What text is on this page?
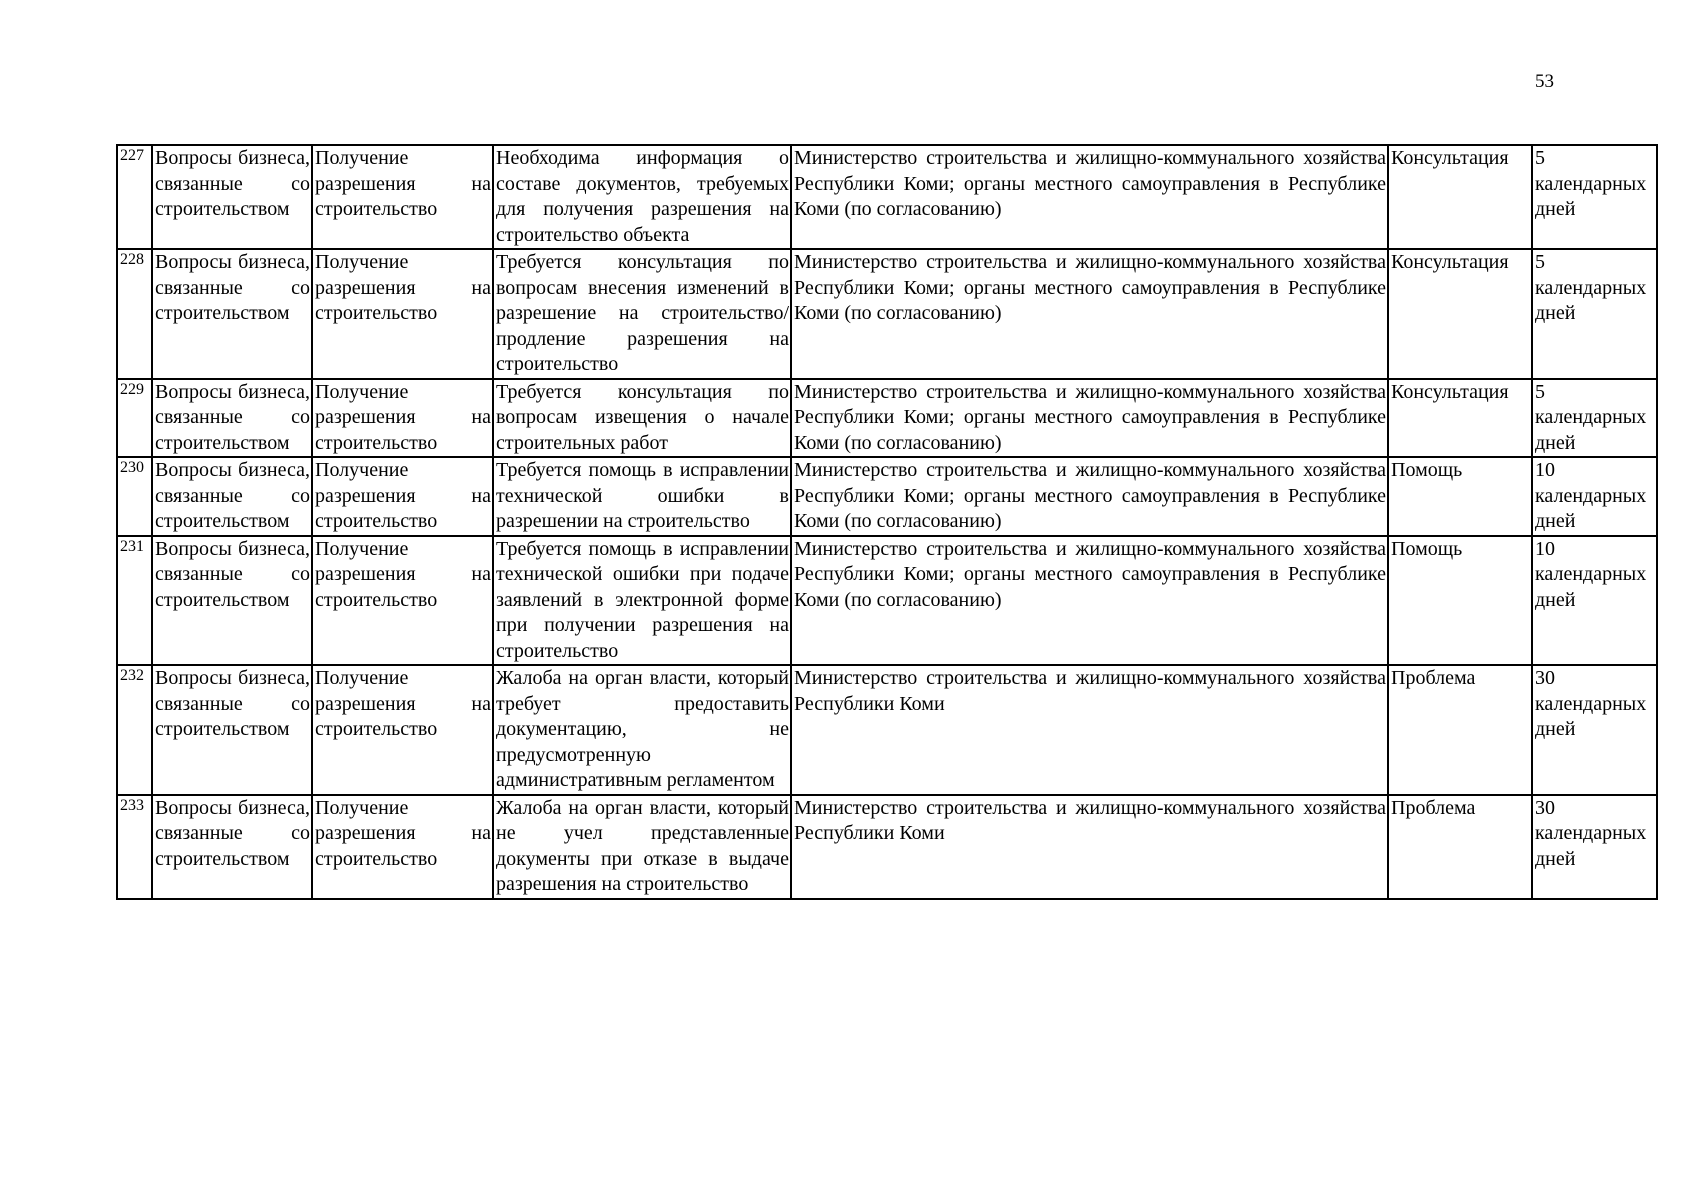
53
227	Вопросы бизнеса, связанные со строительством	Получение разрешения на строительство	Необходима информация о составе документов, требуемых для получения разрешения на строительство объекта	Министерство строительства и жилищно-коммунального хозяйства Республики Коми; органы местного самоуправления в Республике Коми (по согласованию)	Консультация	5 календарных дней
228	Вопросы бизнеса, связанные со строительством	Получение разрешения на строительство	Требуется консультация по вопросам внесения изменений в разрешение на строительство/продление разрешения на строительство	Министерство строительства и жилищно-коммунального хозяйства Республики Коми; органы местного самоуправления в Республике Коми (по согласованию)	Консультация	5 календарных дней
229	Вопросы бизнеса, связанные со строительством	Получение разрешения на строительство	Требуется консультация по вопросам извещения о начале строительных работ	Министерство строительства и жилищно-коммунального хозяйства Республики Коми; органы местного самоуправления в Республике Коми (по согласованию)	Консультация	5 календарных дней
230	Вопросы бизнеса, связанные со строительством	Получение разрешения на строительство	Требуется помощь в исправлении технической ошибки в разрешении на строительство	Министерство строительства и жилищно-коммунального хозяйства Республики Коми; органы местного самоуправления в Республике Коми (по согласованию)	Помощь	10 календарных дней
231	Вопросы бизнеса, связанные со строительством	Получение разрешения на строительство	Требуется помощь в исправлении технической ошибки при подаче заявлений в электронной форме при получении разрешения на строительство	Министерство строительства и жилищно-коммунального хозяйства Республики Коми; органы местного самоуправления в Республике Коми (по согласованию)	Помощь	10 календарных дней
232	Вопросы бизнеса, связанные со строительством	Получение разрешения на строительство	Жалоба на орган власти, который требует предоставить документацию, не предусмотренную административным регламентом	Министерство строительства и жилищно-коммунального хозяйства Республики Коми	Проблема	30 календарных дней
233	Вопросы бизнеса, связанные со строительством	Получение разрешения на строительство	Жалоба на орган власти, который не учел представленные документы при отказе в выдаче разрешения на строительство	Министерство строительства и жилищно-коммунального хозяйства Республики Коми	Проблема	30 календарных дней
